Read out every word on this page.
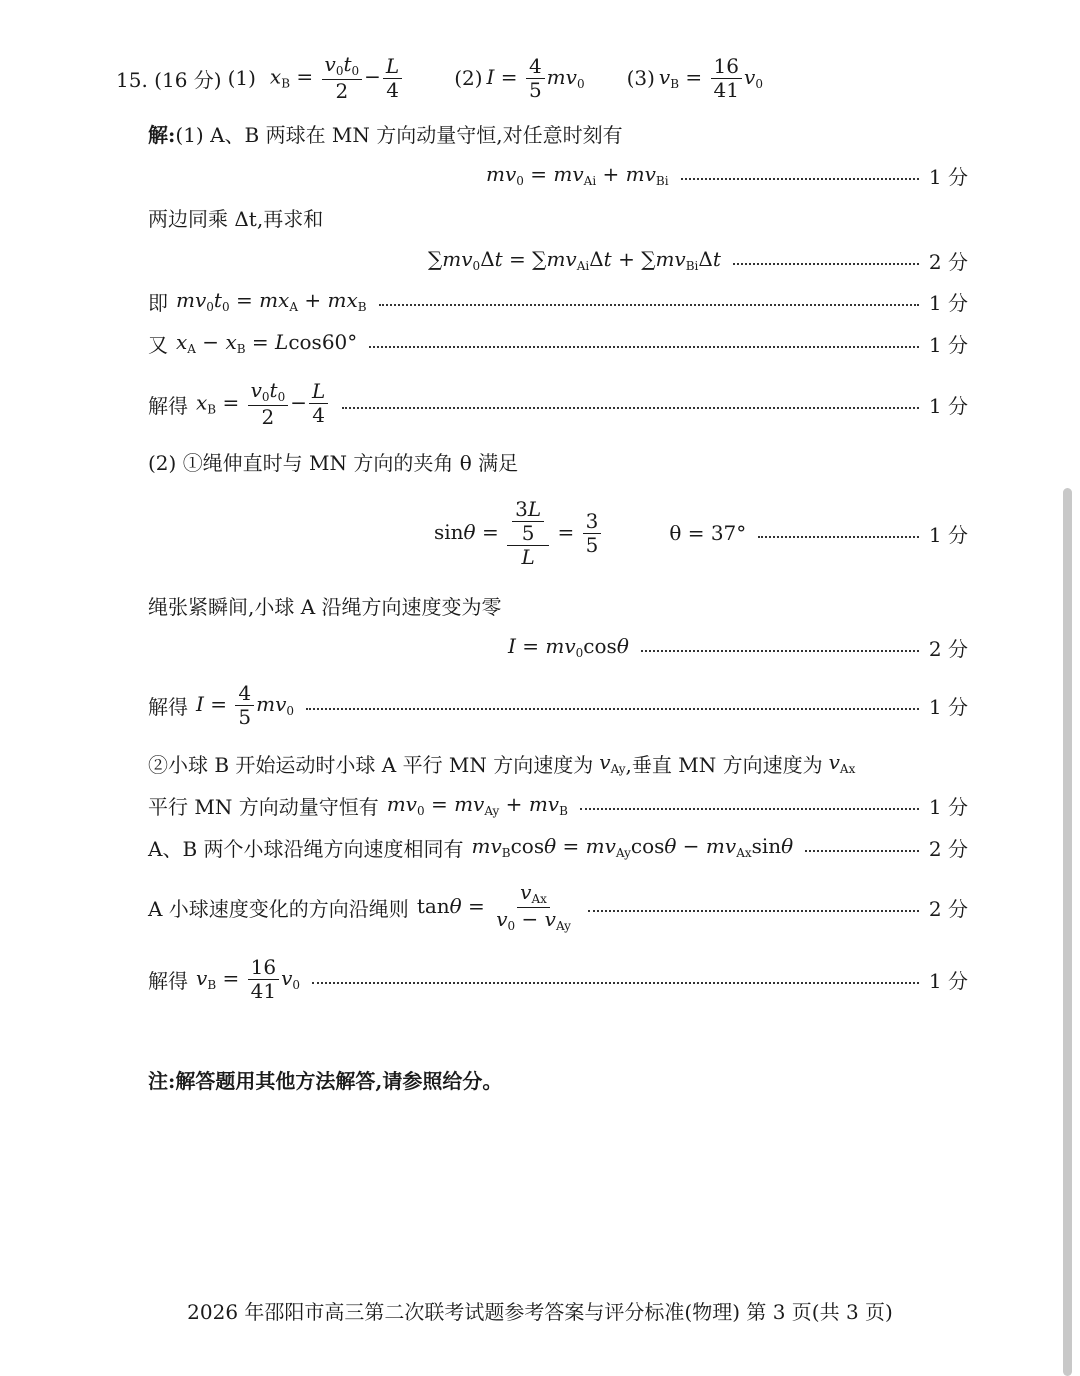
15. (16 分) (1) $x_B = \frac{v_0t_0}{2} - \frac{L}{4}$	(2) $I = \frac{4}{5} mv_0$ (3) $v_B = \frac{16}{41} v_0$
解: (1) A、B 两球在 MN 方向动量守恒,对任意时刻有
$mv_0 = mv_{Ai} + mv_{Bi}$	1 分
两边同乘 Δt,再求和
$\sum mv_0\Delta t = \sum mv_{Ai}\Delta t + \sum mv_{Bi}\Delta t$	2 分
即 $mv_0t_0 = mx_A + mx_B$	1 分
又 $x_A - x_B = Lcos60^\circ$	1 分
解得 $x_B = \frac{v_0t_0}{2} - \frac{L}{4}$	1 分
(2) ①绳伸直时与 MN 方向的夹角 θ 满足
$\sin\theta = \frac{\frac{3L}{5}}{L} = \frac{3}{5}$	θ = 37°	1 分
绳张紧瞬间,小球 A 沿绳方向速度变为零
$I = mv_0\cos\theta$	2 分
解得 $I = \frac{4}{5} mv_0$	1 分
②小球 B 开始运动时小球 A 平行 MN 方向速度为 $v_{Ay}$ ,垂直 MN 方向速度为 $v_{Ax}$
平行 MN 方向动量守恒有 $mv_0 = mv_{Ay} + mv_B$	1 分
A、B 两个小球沿绳方向速度相同有 $mv_B\cos\theta = mv_{Ay}\cos\theta - mv_{Ax}\sin\theta$	2 分
A 小球速度变化的方向沿绳则 $\tan\theta = \frac{v_{Ax}}{v_0 - v_{Ay}}$	2 分
解得 $v_B = \frac{16}{41} v_0$	1 分
注:解答题用其他方法解答,请参照给分。
2026 年邵阳市高三第二次联考试题参考答案与评分标准(物理) 第 3 页(共 3 页)
